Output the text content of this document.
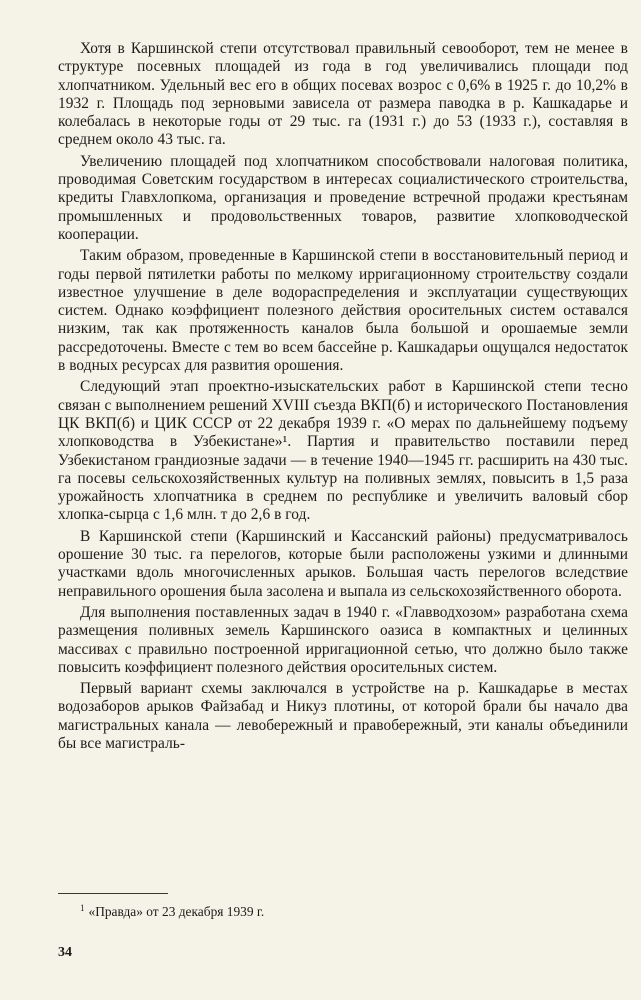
Хотя в Каршинской степи отсутствовал правильный севооборот, тем не менее в структуре посевных площадей из года в год увеличивались площади под хлопчатником. Удельный вес его в общих посевах возрос с 0,6% в 1925 г. до 10,2% в 1932 г. Площадь под зерновыми зависела от размера паводка в р. Кашкадарье и колебалась в некоторые годы от 29 тыс. га (1931 г.) до 53 (1933 г.), составляя в среднем около 43 тыс. га.

Увеличению площадей под хлопчатником способствовали налоговая политика, проводимая Советским государством в интересах социалистического строительства, кредиты Главхлопкома, организация и проведение встречной продажи крестьянам промышленных и продовольственных товаров, развитие хлопководческой кооперации.

Таким образом, проведенные в Каршинской степи в восстановительный период и годы первой пятилетки работы по мелкому ирригационному строительству создали известное улучшение в деле водораспределения и эксплуатации существующих систем. Однако коэффициент полезного действия оросительных систем оставался низким, так как протяженность каналов была большой и орошаемые земли рассредоточены. Вместе с тем во всем бассейне р. Кашкадарьи ощущался недостаток в водных ресурсах для развития орошения.

Следующий этап проектно-изыскательских работ в Каршинской степи тесно связан с выполнением решений XVIII съезда ВКП(б) и исторического Постановления ЦК ВКП(б) и ЦИК СССР от 22 декабря 1939 г. «О мерах по дальнейшему подъему хлопководства в Узбекистане»¹. Партия и правительство поставили перед Узбекистаном грандиозные задачи — в течение 1940—1945 гг. расширить на 430 тыс. га посевы сельскохозяйственных культур на поливных землях, повысить в 1,5 раза урожайность хлопчатника в среднем по республике и увеличить валовый сбор хлопка-сырца с 1,6 млн. т до 2,6 в год.

В Каршинской степи (Каршинский и Кассанский районы) предусматривалось орошение 30 тыс. га перелогов, которые были расположены узкими и длинными участками вдоль многочисленных арыков. Большая часть перелогов вследствие неправильного орошения была засолена и выпала из сельскохозяйственного оборота.

Для выполнения поставленных задач в 1940 г. «Главводхозом» разработана схема размещения поливных земель Каршинского оазиса в компактных и целинных массивах с правильно построенной ирригационной сетью, что должно было также повысить коэффициент полезного действия оросительных систем.

Первый вариант схемы заключался в устройстве на р. Кашкадарье в местах водозаборов арыков Файзабад и Никуз плотины, от которой брали бы начало два магистральных канала — левобережный и правобережный, эти каналы объединили бы все магистраль-

$^1$ «Правда» от 23 декабря 1939 г.
34
